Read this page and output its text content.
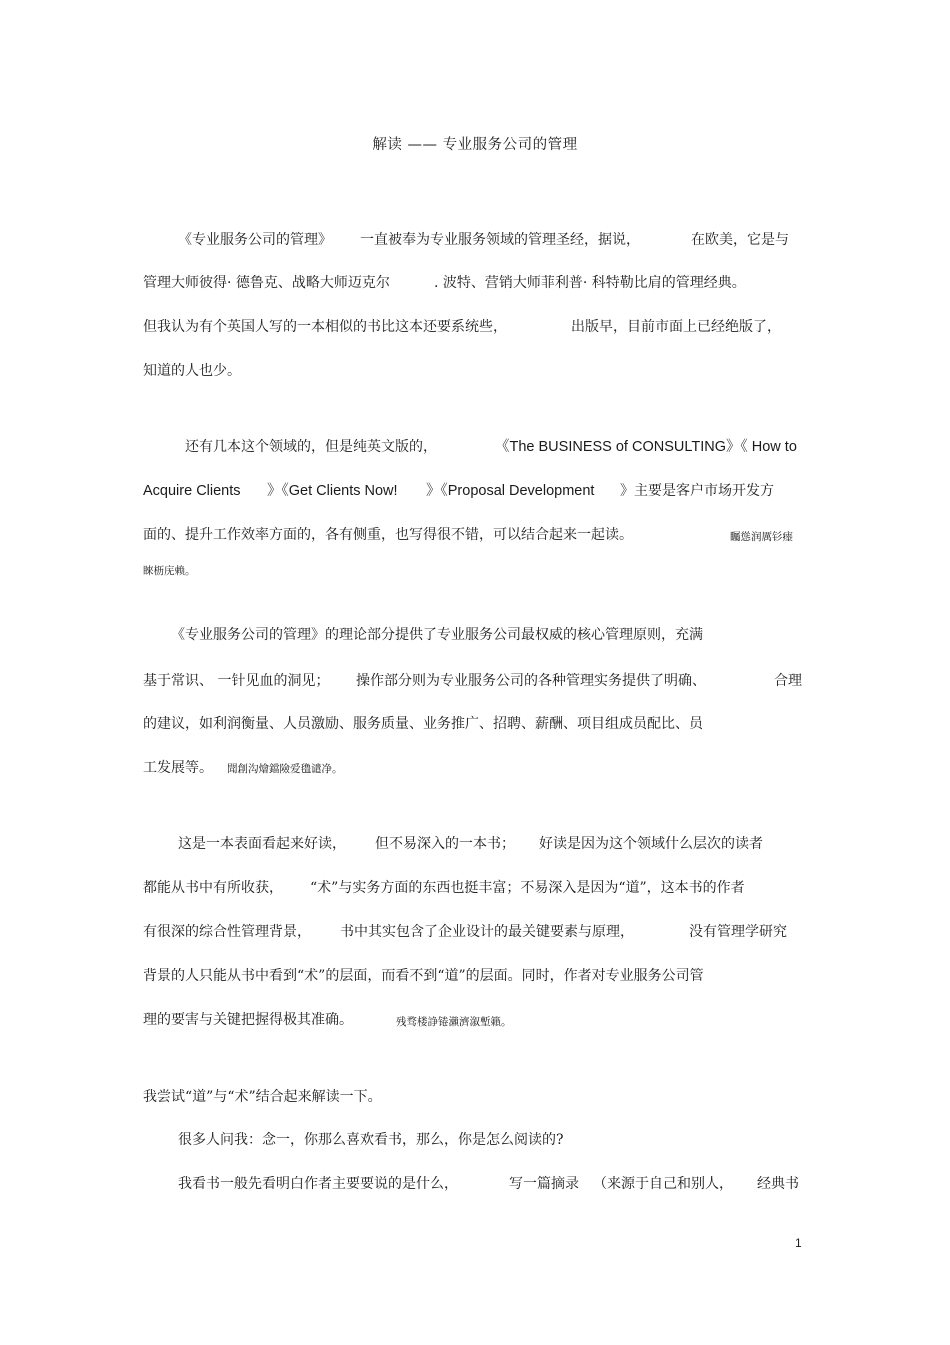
解读 —— 专业服务公司的管理
《专业服务公司的管理》 一直被奉为专业服务领域的管理圣经，据说，	在欧美，它是与
管理大师彼得· 德鲁克、战略大师迈克尔	. 波特、营销大师菲利普· 科特勒比肩的管理经典。
但我认为有个英国人写的一本相似的书比这本还要系统些，	出版早，目前市面上已经绝版了，
知道的人也少。
还有几本这个领域的，但是纯英文版的，	《The BUSINESS of CONSULTING》《 How to
Acquire Clients 》《Get Clients Now! 》《Proposal Development 》主要是客户市场开发方
面的、提升工作效率方面的，各有侧重，也写得很不错，可以结合起来一起读。	矚慫润厲钐瘗
睞枥庑赖。
《专业服务公司的管理》的理论部分提供了专业服务公司最权威的核心管理原则，充满
基于常识、 一针见血的洞见； 操作部分则为专业服务公司的各种管理实务提供了明确、	合理
的建议，如利润衡量、人员激励、服务质量、业务推广、招聘、薪酬、项目组成员配比、员
工发展等。 聞創沟燴鐺險爱氇谴净。
这是一本表面看起来好读， 但不易深入的一本书； 好读是因为这个领域什么层次的读者
都能从书中有所收获， “术”与实务方面的东西也挺丰富；不易深入是因为“道”，这本书的作者
有很深的综合性管理背景， 书中其实包含了企业设计的最关键要素与原理，	没有管理学研究
背景的人只能从书中看到“术”的层面，而看不到“道”的层面。同时，作者对专业服务公司管
理的要害与关键把握得极其准确。	残骛楼諍锩瀨濟溆塹籟。
我尝试“道”与“术”结合起来解读一下。
很多人问我：念一，你那么喜欢看书，那么，你是怎么阅读的?
我看书一般先看明白作者主要要说的是什么，	写一篇摘录 （来源于自己和别人， 经典书
1
